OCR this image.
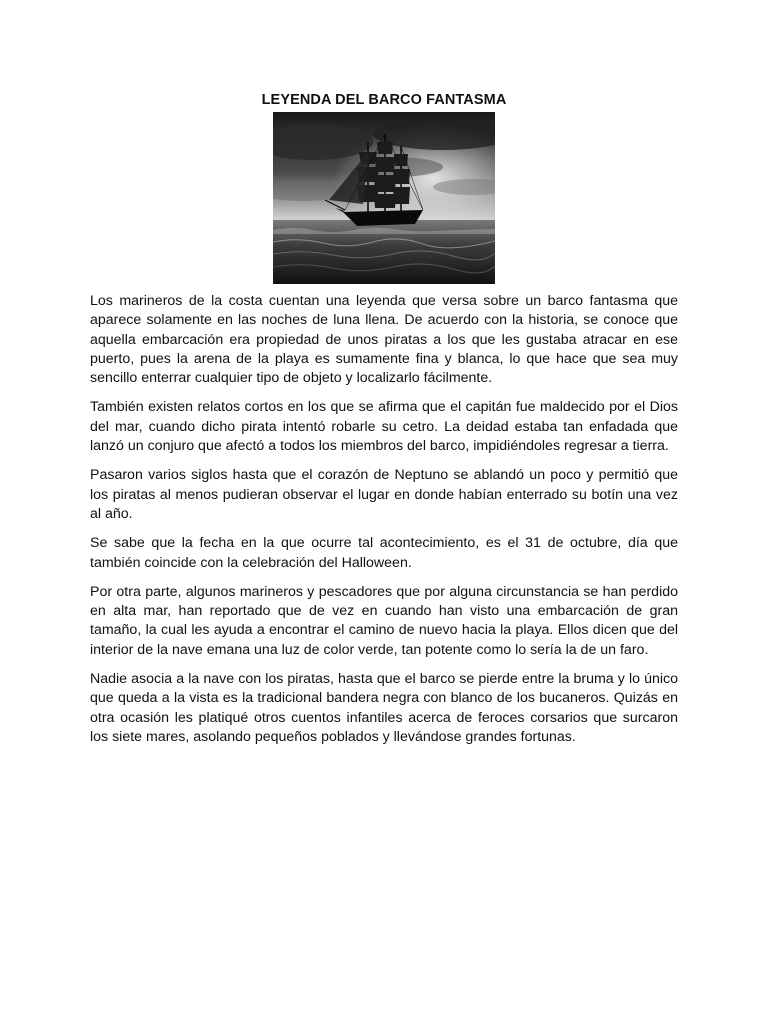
LEYENDA DEL BARCO FANTASMA

Los marineros de la costa cuentan una leyenda que versa sobre un barco fantasma que aparece solamente en las noches de luna llena. De acuerdo con la historia, se conoce que aquella embarcación era propiedad de unos piratas a los que les gustaba atracar en ese puerto, pues la arena de la playa es sumamente fina y blanca, lo que hace que sea muy sencillo enterrar cualquier tipo de objeto y localizarlo fácilmente.

También existen relatos cortos en los que se afirma que el capitán fue maldecido por el Dios del mar, cuando dicho pirata intentó robarle su cetro. La deidad estaba tan enfadada que lanzó un conjuro que afectó a todos los miembros del barco, impidiéndoles regresar a tierra.

Pasaron varios siglos hasta que el corazón de Neptuno se ablandó un poco y permitió que los piratas al menos pudieran observar el lugar en donde habían enterrado su botín una vez al año.

Se sabe que la fecha en la que ocurre tal acontecimiento, es el 31 de octubre, día que también coincide con la celebración del Halloween.

Por otra parte, algunos marineros y pescadores que por alguna circunstancia se han perdido en alta mar, han reportado que de vez en cuando han visto una embarcación de gran tamaño, la cual les ayuda a encontrar el camino de nuevo hacia la playa. Ellos dicen que del interior de la nave emana una luz de color verde, tan potente como lo sería la de un faro.

Nadie asocia a la nave con los piratas, hasta que el barco se pierde entre la bruma y lo único que queda a la vista es la tradicional bandera negra con blanco de los bucaneros. Quizás en otra ocasión les platiqué otros cuentos infantiles acerca de feroces corsarios que surcaron los siete mares, asolando pequeños poblados y llevándose grandes fortunas.
